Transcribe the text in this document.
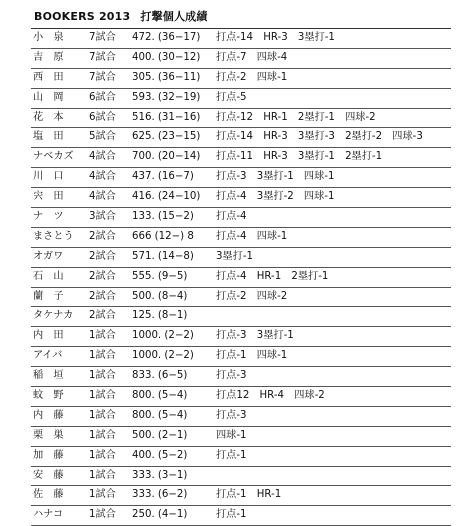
BOOKERS 2013 打撃個人成績
小　泉	7試合	472. (36−17)	打点-14　HR-3　3塁打-1
吉　原	7試合	400. (30−12)	打点-7　四球-4
西　田	7試合	305. (36−11)	打点-2　四球-1
山　岡	6試合	593. (32−19)	打点-5
花　本	6試合	516. (31−16)	打点-12　HR-1　2塁打-1　四球-2
塩　田	5試合	625. (23−15)	打点-14　HR-3　3塁打-3　2塁打-2　四球-3
ナベカズ	4試合	700. (20−14)	打点-11　HR-3　3塁打-1　2塁打-1
川　口	4試合	437. (16−7)	打点-3　3塁打-1　四球-1
宍　田	4試合	416. (24−10)	打点-4　3塁打-2　四球-1
ナ　ツ	3試合	133. (15−2)	打点-4
まさとう	2試合	666 (12−) 8	打点-4　四球-1
オガワ	2試合	571. (14−8)	3塁打-1
石　山	2試合	555. (9−5)	打点-4　HR-1　2塁打-1
蘭　子	2試合	500. (8−4)	打点-2　四球-2
タケナカ	2試合	125. (8−1)
内　田	1試合	1000. (2−2)	打点-3　3塁打-1
アイバ	1試合	1000. (2−2)	打点-1　四球-1
稲　垣	1試合	833. (6−5)	打点-3
蚊　野	1試合	800. (5−4)	打点12　HR-4　四球-2
内　藤	1試合	800. (5−4)	打点-3
栗　巣	1試合	500. (2−1)	四球-1
加　藤	1試合	400. (5−2)	打点-1
安　藤	1試合	333. (3−1)
佐　藤	1試合	333. (6−2)	打点-1　HR-1
ハナコ	1試合	250. (4−1)	打点-1
